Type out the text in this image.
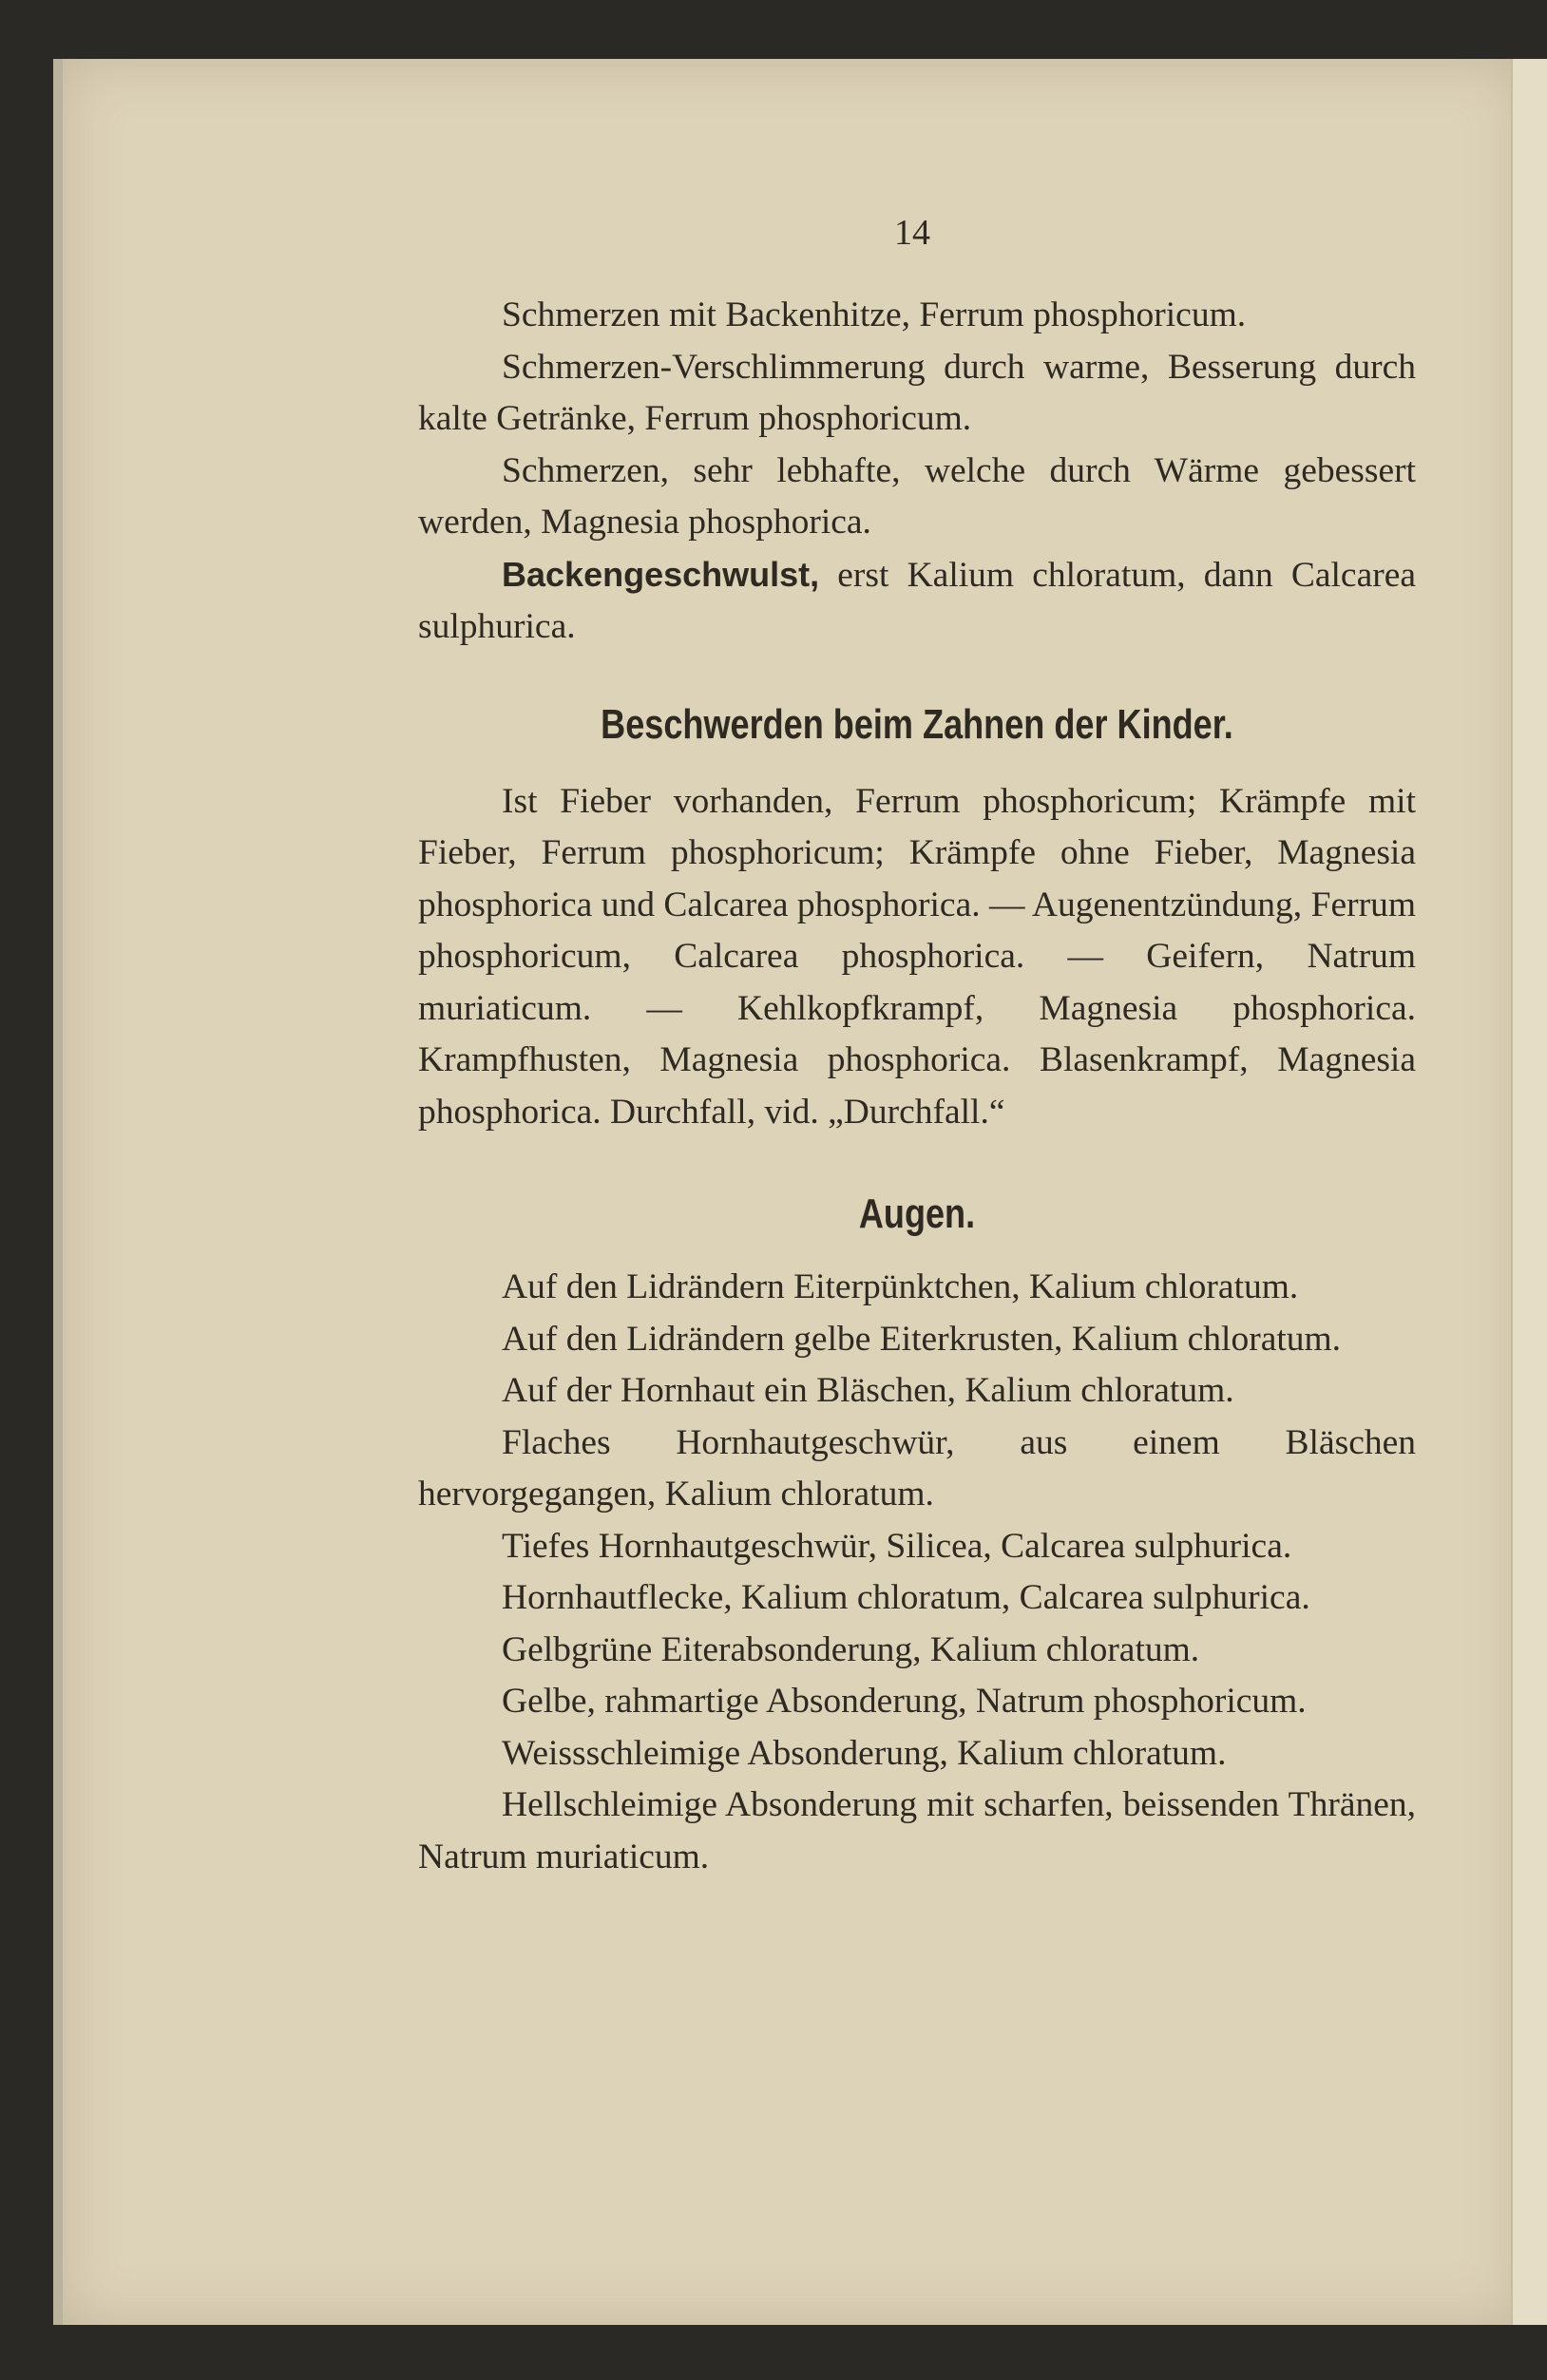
14

Schmerzen mit Backenhitze, Ferrum phosphoricum.

Schmerzen-Verschlimmerung durch warme, Besserung durch kalte Getränke, Ferrum phosphoricum.

Schmerzen, sehr lebhafte, welche durch Wärme gebessert werden, Magnesia phosphorica.

Backengeschwulst, erst Kalium chloratum, dann Calcarea sulphurica.

Beschwerden beim Zahnen der Kinder.

Ist Fieber vorhanden, Ferrum phosphoricum; Krämpfe mit Fieber, Ferrum phosphoricum; Krämpfe ohne Fieber, Magnesia phosphorica und Calcarea phosphorica. — Augenentzündung, Ferrum phosphoricum, Calcarea phosphorica. — Geifern, Natrum muriaticum. — Kehlkopfkrampf, Magnesia phosphorica. Krampfhusten, Magnesia phosphorica. Blasenkrampf, Magnesia phosphorica. Durchfall, vid. „Durchfall.“

Augen.

Auf den Lidrändern Eiterpünktchen, Kalium chloratum.

Auf den Lidrändern gelbe Eiterkrusten, Kalium chloratum.

Auf der Hornhaut ein Bläschen, Kalium chloratum.

Flaches Hornhautgeschwür, aus einem Bläschen hervorgegangen, Kalium chloratum.

Tiefes Hornhautgeschwür, Silicea, Calcarea sulphurica.

Hornhautflecke, Kalium chloratum, Calcarea sulphurica.

Gelbgrüne Eiterabsonderung, Kalium chloratum.

Gelbe, rahmartige Absonderung, Natrum phosphoricum.

Weissschleimige Absonderung, Kalium chloratum.

Hellschleimige Absonderung mit scharfen, beissenden Thränen, Natrum muriaticum.
